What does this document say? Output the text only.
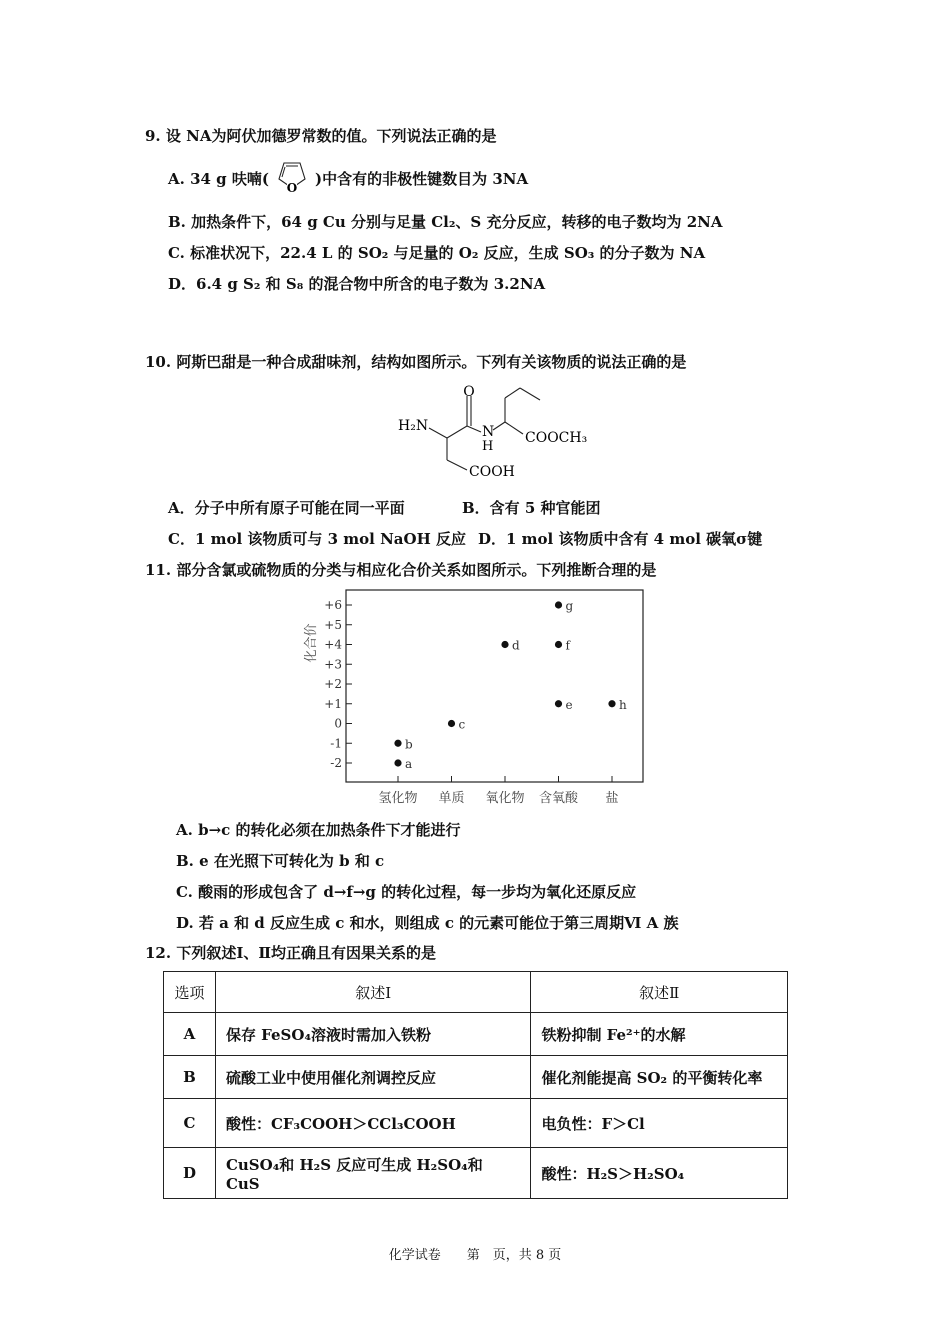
9. 设 NA为阿伏加德罗常数的值。下列说法正确的是
A. 34 g 呋喃( O )中含有的非极性键数目为 3NA
B. 加热条件下，64 g Cu 分别与足量 Cl₂、S 充分反应，转移的电子数均为 2NA
C. 标准状况下，22.4 L 的 SO₂ 与足量的 O₂ 反应，生成 SO₃ 的分子数为 NA
D．6.4 g S₂ 和 S₈ 的混合物中所含的电子数为 3.2NA
10. 阿斯巴甜是一种合成甜味剂，结构如图所示。下列有关该物质的说法正确的是
O
H₂N	N
H
COOCH₃
COOH
A．分子中所有原子可能在同一平面	B．含有 5 种官能团
C．1 mol 该物质可与 3 mol NaOH 反应 D．1 mol 该物质中含有 4 mol 碳氧σ键
11. 部分含氯或硫物质的分类与相应化合价关系如图所示。下列推断合理的是
化合价
+6
+5
+4
+3
+2
+1
0
-1
-2
氢化物 单质 氧化物 含氧酸 盐
a
b
c
d
g
f
e	h
A. b→c 的转化必须在加热条件下才能进行
B. e 在光照下可转化为 b 和 c
C. 酸雨的形成包含了 d→f→g 的转化过程，每一步均为氧化还原反应
D. 若 a 和 d 反应生成 c 和水，则组成 c 的元素可能位于第三周期Ⅵ A 族
12. 下列叙述Ⅰ、Ⅱ均正确且有因果关系的是
选项	叙述Ⅰ	叙述Ⅱ
A	保存 FeSO₄溶液时需加入铁粉	铁粉抑制 Fe²⁺的水解
B	硫酸工业中使用催化剂调控反应	催化剂能提高 SO₂ 的平衡转化率
C	酸性：CF₃COOH＞CCl₃COOH	电负性：F＞Cl
D	CuSO₄和 H₂S 反应可生成 H₂SO₄和 CuS	酸性：H₂S＞H₂SO₄
化学试卷　　第　页，共 8 页
